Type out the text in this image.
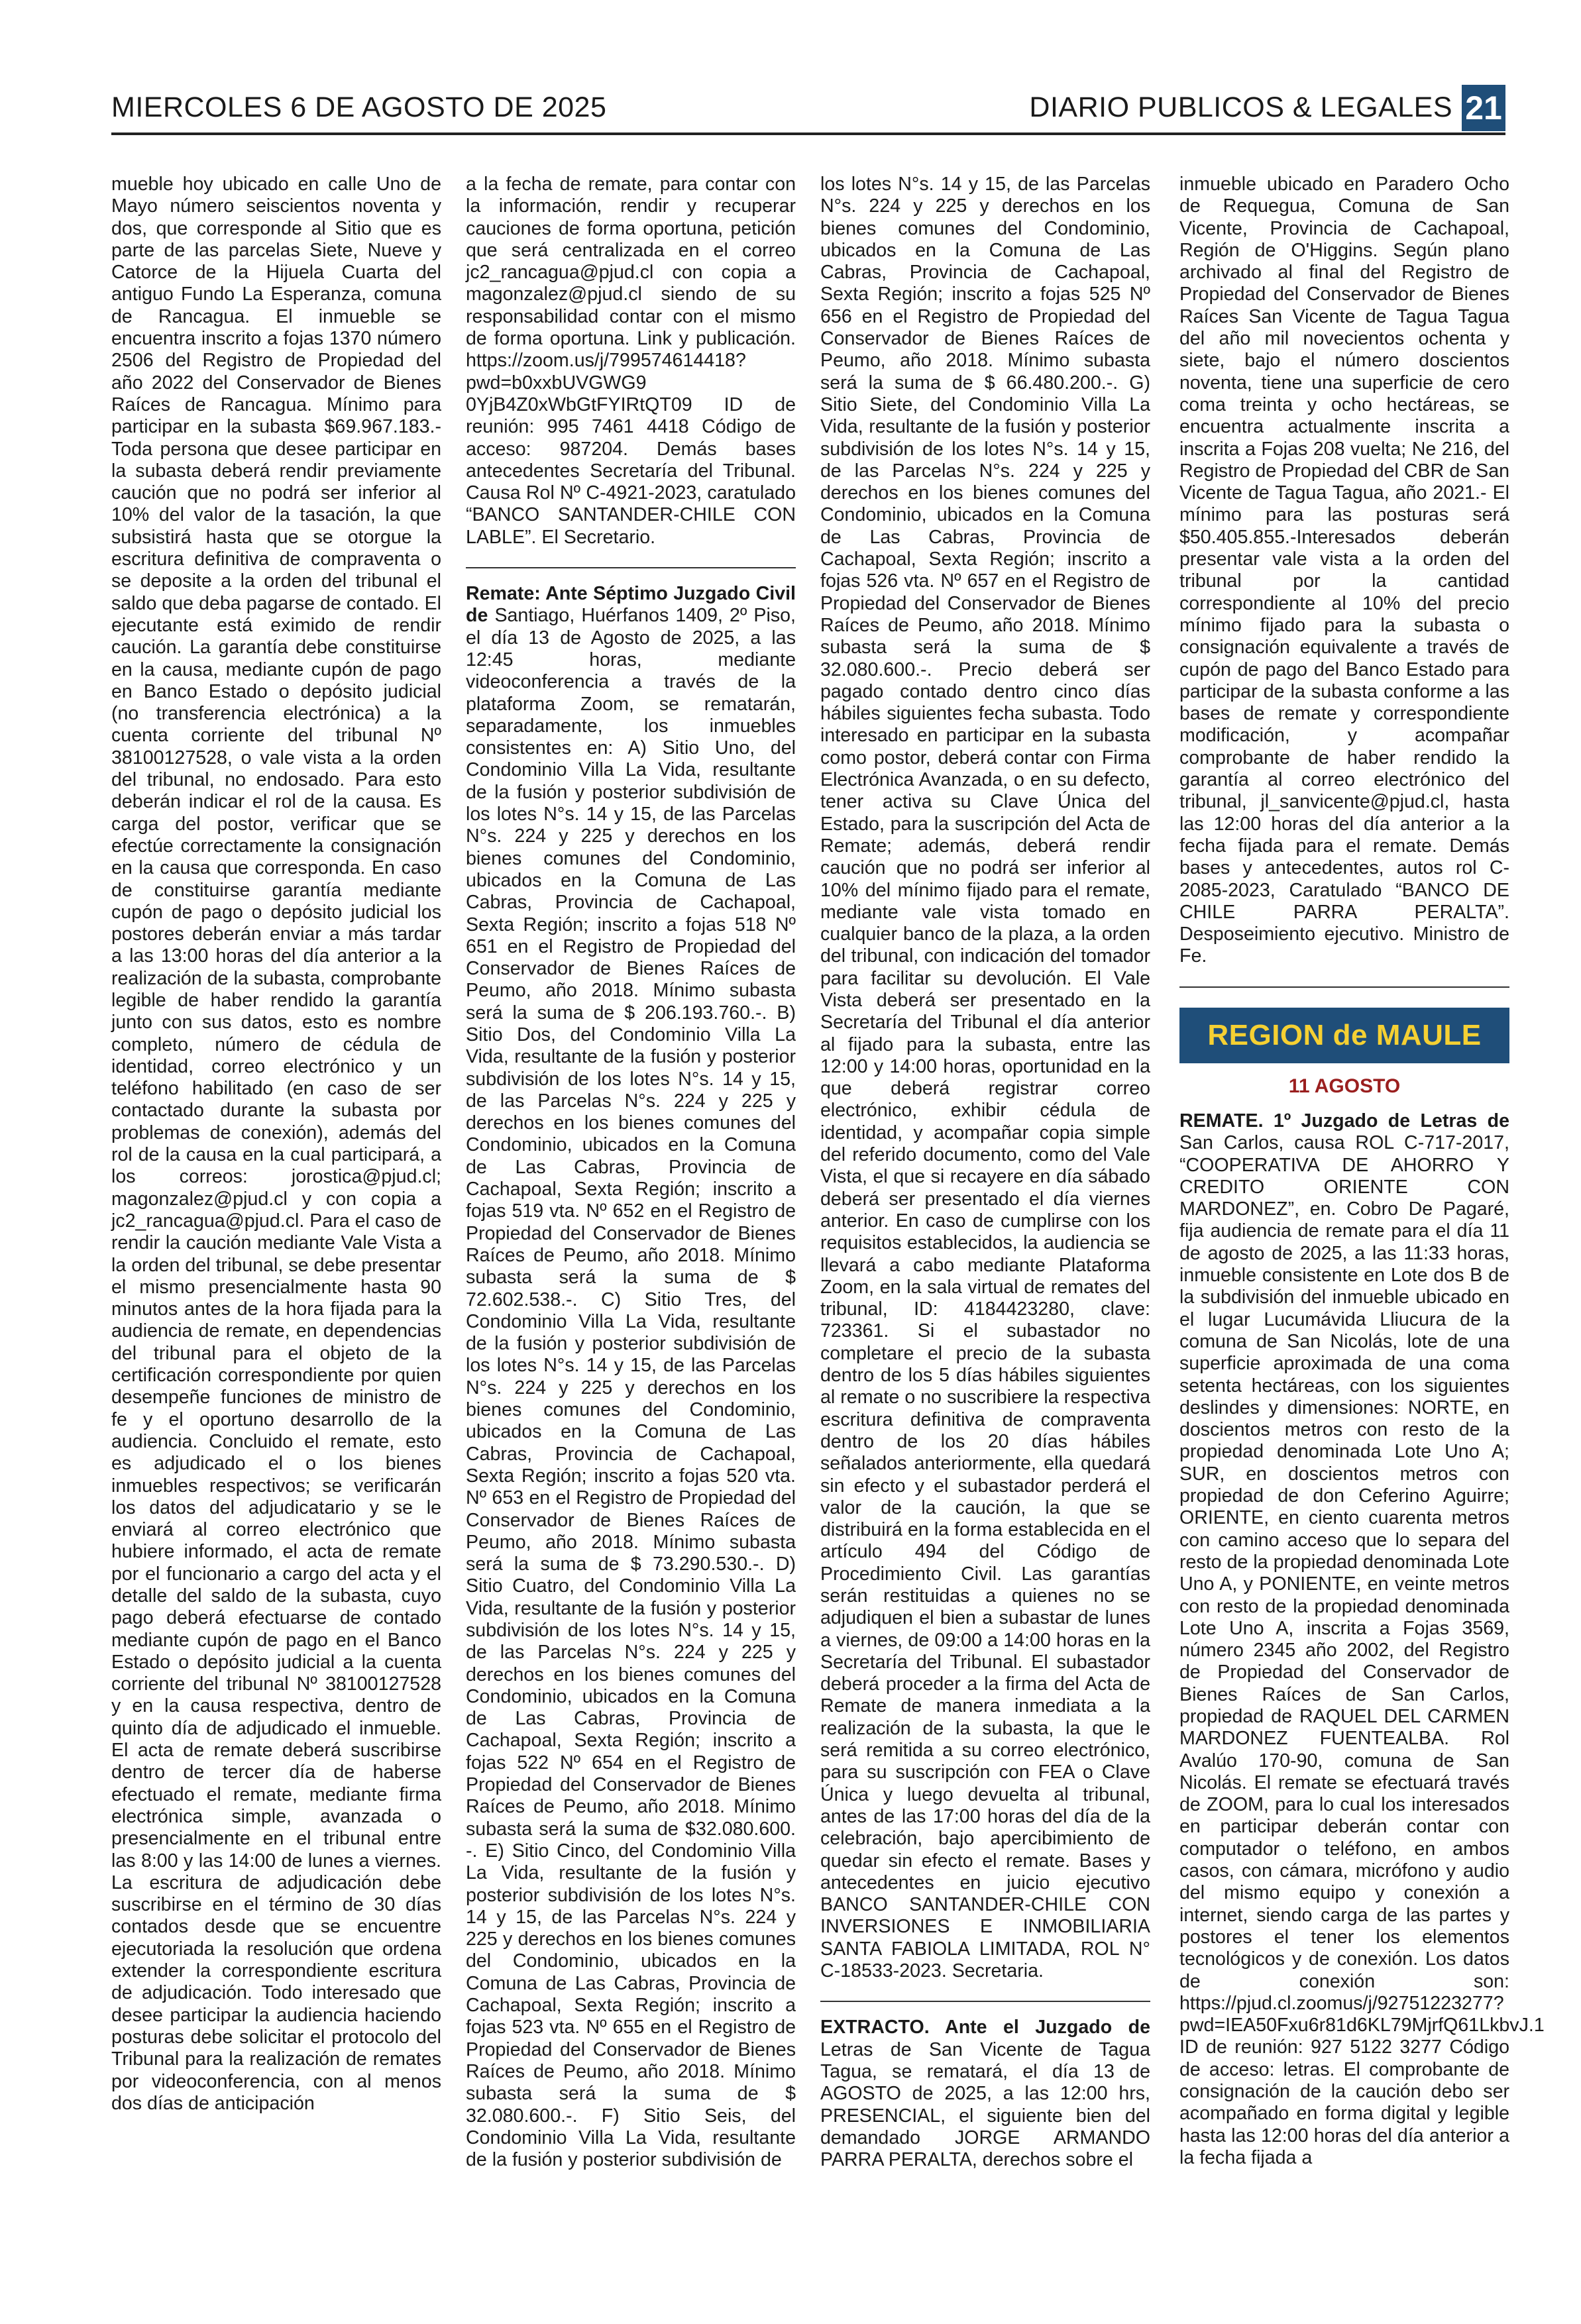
MIERCOLES 6 DE AGOSTO DE 2025	DIARIO PUBLICOS & LEGALES 21

mueble hoy ubicado en calle Uno de Mayo número seiscientos noventa y dos, que corresponde al Sitio que es parte de las parcelas Siete, Nueve y Catorce de la Hijuela Cuarta del antiguo Fundo La Esperanza, comuna de Rancagua. El inmueble se encuentra inscrito a fojas 1370 número 2506 del Registro de Propiedad del año 2022 del Conservador de Bienes Raíces de Rancagua. Mínimo para participar en la subasta $69.967.183.- Toda persona que desee participar en la subasta deberá rendir previamente caución que no podrá ser inferior al 10% del valor de la tasación, la que subsistirá hasta que se otorgue la escritura definitiva de compraventa o se deposite a la orden del tribunal el saldo que deba pagarse de contado. El ejecutante está eximido de rendir caución. La garantía debe constituirse en la causa, mediante cupón de pago en Banco Estado o depósito judicial (no transferencia electrónica) a la cuenta corriente del tribunal Nº 38100127528, o vale vista a la orden del tribunal, no endosado. Para esto deberán indicar el rol de la causa. Es carga del postor, verificar que se efectúe correctamente la consignación en la causa que corresponda. En caso de constituirse garantía mediante cupón de pago o depósito judicial los postores deberán enviar a más tardar a las 13:00 horas del día anterior a la realización de la subasta, comprobante legible de haber rendido la garantía junto con sus datos, esto es nombre completo, número de cédula de identidad, correo electrónico y un teléfono habilitado (en caso de ser contactado durante la subasta por problemas de conexión), además del rol de la causa en la cual participará, a los correos: jorostica@pjud.cl; magonzalez@pjud.cl y con copia a jc2_rancagua@pjud.cl. Para el caso de rendir la caución mediante Vale Vista a la orden del tribunal, se debe presentar el mismo presencialmente hasta 90 minutos antes de la hora fijada para la audiencia de remate, en dependencias del tribunal para el objeto de la certificación correspondiente por quien desempeñe funciones de ministro de fe y el oportuno desarrollo de la audiencia. Concluido el remate, esto es adjudicado el o los bienes inmuebles respectivos; se verificarán los datos del adjudicatario y se le enviará al correo electrónico que hubiere informado, el acta de remate por el funcionario a cargo del acta y el detalle del saldo de la subasta, cuyo pago deberá efectuarse de contado mediante cupón de pago en el Banco Estado o depósito judicial a la cuenta corriente del tribunal Nº 38100127528 y en la causa respectiva, dentro de quinto día de adjudicado el inmueble. El acta de remate deberá suscribirse dentro de tercer día de haberse efectuado el remate, mediante firma electrónica simple, avanzada o presencialmente en el tribunal entre las 8:00 y las 14:00 de lunes a viernes. La escritura de adjudicación debe suscribirse en el término de 30 días contados desde que se encuentre ejecutoriada la resolución que ordena extender la correspondiente escritura de adjudicación. Todo interesado que desee participar la audiencia haciendo posturas debe solicitar el protocolo del Tribunal para la realización de remates por videoconferencia, con al menos dos días de anticipación

a la fecha de remate, para contar con la información, rendir y recuperar cauciones de forma oportuna, petición que será centralizada en el correo jc2_rancagua@pjud.cl con copia a magonzalez@pjud.cl siendo de su responsabilidad contar con el mismo de forma oportuna. Link y publicación. https://zoom.us/j/799574614418?pwd=b0xxbUVGWG9 0YjB4Z0xWbGtFYIRtQT09 ID de reunión: 995 7461 4418 Código de acceso: 987204. Demás bases antecedentes Secretaría del Tribunal. Causa Rol Nº C-4921-2023, caratulado “BANCO SANTANDER-CHILE CON LABLE”. El Secretario.

Remate: Ante Séptimo Juzgado Civil de Santiago, Huérfanos 1409, 2º Piso, el día 13 de Agosto de 2025, a las 12:45 horas, mediante videoconferencia a través de la plataforma Zoom, se rematarán, separadamente, los inmuebles consistentes en: A) Sitio Uno, del Condominio Villa La Vida, resultante de la fusión y posterior subdivisión de los lotes N°s. 14 y 15, de las Parcelas N°s. 224 y 225 y derechos en los bienes comunes del Condominio, ubicados en la Comuna de Las Cabras, Provincia de Cachapoal, Sexta Región; inscrito a fojas 518 Nº 651 en el Registro de Propiedad del Conservador de Bienes Raíces de Peumo, año 2018. Mínimo subasta será la suma de $ 206.193.760.-. B) Sitio Dos, del Condominio Villa La Vida, resultante de la fusión y posterior subdivisión de los lotes N°s. 14 y 15, de las Parcelas N°s. 224 y 225 y derechos en los bienes comunes del Condominio, ubicados en la Comuna de Las Cabras, Provincia de Cachapoal, Sexta Región; inscrito a fojas 519 vta. Nº 652 en el Registro de Propiedad del Conservador de Bienes Raíces de Peumo, año 2018. Mínimo subasta será la suma de $ 72.602.538.-. C) Sitio Tres, del Condominio Villa La Vida, resultante de la fusión y posterior subdivisión de los lotes N°s. 14 y 15, de las Parcelas N°s. 224 y 225 y derechos en los bienes comunes del Condominio, ubicados en la Comuna de Las Cabras, Provincia de Cachapoal, Sexta Región; inscrito a fojas 520 vta. Nº 653 en el Registro de Propiedad del Conservador de Bienes Raíces de Peumo, año 2018. Mínimo subasta será la suma de $ 73.290.530.-. D) Sitio Cuatro, del Condominio Villa La Vida, resultante de la fusión y posterior subdivisión de los lotes N°s. 14 y 15, de las Parcelas N°s. 224 y 225 y derechos en los bienes comunes del Condominio, ubicados en la Comuna de Las Cabras, Provincia de Cachapoal, Sexta Región; inscrito a fojas 522 Nº 654 en el Registro de Propiedad del Conservador de Bienes Raíces de Peumo, año 2018. Mínimo subasta será la suma de $32.080.600. -. E) Sitio Cinco, del Condominio Villa La Vida, resultante de la fusión y posterior subdivisión de los lotes N°s. 14 y 15, de las Parcelas N°s. 224 y 225 y derechos en los bienes comunes del Condominio, ubicados en la Comuna de Las Cabras, Provincia de Cachapoal, Sexta Región; inscrito a fojas 523 vta. Nº 655 en el Registro de Propiedad del Conservador de Bienes Raíces de Peumo, año 2018. Mínimo subasta será la suma de $ 32.080.600.-. F) Sitio Seis, del Condominio Villa La Vida, resultante de la fusión y posterior subdivisión de

los lotes N°s. 14 y 15, de las Parcelas N°s. 224 y 225 y derechos en los bienes comunes del Condominio, ubicados en la Comuna de Las Cabras, Provincia de Cachapoal, Sexta Región; inscrito a fojas 525 Nº 656 en el Registro de Propiedad del Conservador de Bienes Raíces de Peumo, año 2018. Mínimo subasta será la suma de $ 66.480.200.-. G) Sitio Siete, del Condominio Villa La Vida, resultante de la fusión y posterior subdivisión de los lotes N°s. 14 y 15, de las Parcelas N°s. 224 y 225 y derechos en los bienes comunes del Condominio, ubicados en la Comuna de Las Cabras, Provincia de Cachapoal, Sexta Región; inscrito a fojas 526 vta. Nº 657 en el Registro de Propiedad del Conservador de Bienes Raíces de Peumo, año 2018. Mínimo subasta será la suma de $ 32.080.600.-. Precio deberá ser pagado contado dentro cinco días hábiles siguientes fecha subasta. Todo interesado en participar en la subasta como postor, deberá contar con Firma Electrónica Avanzada, o en su defecto, tener activa su Clave Única del Estado, para la suscripción del Acta de Remate; además, deberá rendir caución que no podrá ser inferior al 10% del mínimo fijado para el remate, mediante vale vista tomado en cualquier banco de la plaza, a la orden del tribunal, con indicación del tomador para facilitar su devolución. El Vale Vista deberá ser presentado en la Secretaría del Tribunal el día anterior al fijado para la subasta, entre las 12:00 y 14:00 horas, oportunidad en la que deberá registrar correo electrónico, exhibir cédula de identidad, y acompañar copia simple del referido documento, como del Vale Vista, el que si recayere en día sábado deberá ser presentado el día viernes anterior. En caso de cumplirse con los requisitos establecidos, la audiencia se llevará a cabo mediante Plataforma Zoom, en la sala virtual de remates del tribunal, ID: 4184423280, clave: 723361. Si el subastador no completare el precio de la subasta dentro de los 5 días hábiles siguientes al remate o no suscribiere la respectiva escritura definitiva de compraventa dentro de los 20 días hábiles señalados anteriormente, ella quedará sin efecto y el subastador perderá el valor de la caución, la que se distribuirá en la forma establecida en el artículo 494 del Código de Procedimiento Civil. Las garantías serán restituidas a quienes no se adjudiquen el bien a subastar de lunes a viernes, de 09:00 a 14:00 horas en la Secretaría del Tribunal. El subastador deberá proceder a la firma del Acta de Remate de manera inmediata a la realización de la subasta, la que le será remitida a su correo electrónico, para su suscripción con FEA o Clave Única y luego devuelta al tribunal, antes de las 17:00 horas del día de la celebración, bajo apercibimiento de quedar sin efecto el remate. Bases y antecedentes en juicio ejecutivo BANCO SANTANDER-CHILE CON INVERSIONES E INMOBILIARIA SANTA FABIOLA LIMITADA, ROL N° C-18533-2023. Secretaria.

EXTRACTO. Ante el Juzgado de Letras de San Vicente de Tagua Tagua, se rematará, el día 13 de AGOSTO de 2025, a las 12:00 hrs, PRESENCIAL, el siguiente bien del demandado JORGE ARMANDO PARRA PERALTA, derechos sobre el

inmueble ubicado en Paradero Ocho de Requegua, Comuna de San Vicente, Provincia de Cachapoal, Región de O'Higgins. Según plano archivado al final del Registro de Propiedad del Conservador de Bienes Raíces San Vicente de Tagua Tagua del año mil novecientos ochenta y siete, bajo el número doscientos noventa, tiene una superficie de cero coma treinta y ocho hectáreas, se encuentra actualmente inscrita a inscrita a Fojas 208 vuelta; Ne 216, del Registro de Propiedad del CBR de San Vicente de Tagua Tagua, año 2021.- El mínimo para las posturas será $50.405.855.-Interesados deberán presentar vale vista a la orden del tribunal por la cantidad correspondiente al 10% del precio mínimo fijado para la subasta o consignación equivalente a través de cupón de pago del Banco Estado para participar de la subasta conforme a las bases de remate y correspondiente modificación, y acompañar comprobante de haber rendido la garantía al correo electrónico del tribunal, jl_sanvicente@pjud.cl, hasta las 12:00 horas del día anterior a la fecha fijada para el remate. Demás bases y antecedentes, autos rol C-2085-2023, Caratulado “BANCO DE CHILE PARRA PERALTA”. Desposeimiento ejecutivo. Ministro de Fe.

REGION de MAULE
11 AGOSTO

REMATE. 1º Juzgado de Letras de San Carlos, causa ROL C-717-2017, “COOPERATIVA DE AHORRO Y CREDITO ORIENTE CON MARDONEZ”, en. Cobro De Pagaré, fija audiencia de remate para el día 11 de agosto de 2025, a las 11:33 horas, inmueble consistente en Lote dos B de la subdivisión del inmueble ubicado en el lugar Lucumávida Lliucura de la comuna de San Nicolás, lote de una superficie aproximada de una coma setenta hectáreas, con los siguientes deslindes y dimensiones: NORTE, en doscientos metros con resto de la propiedad denominada Lote Uno A; SUR, en doscientos metros con propiedad de don Ceferino Aguirre; ORIENTE, en ciento cuarenta metros con camino acceso que lo separa del resto de la propiedad denominada Lote Uno A, y PONIENTE, en veinte metros con resto de la propiedad denominada Lote Uno A, inscrita a Fojas 3569, número 2345 año 2002, del Registro de Propiedad del Conservador de Bienes Raíces de San Carlos, propiedad de RAQUEL DEL CARMEN MARDONEZ FUENTEALBA. Rol Avalúo 170-90, comuna de San Nicolás. El remate se efectuará través de ZOOM, para lo cual los interesados en participar deberán contar con computador o teléfono, en ambos casos, con cámara, micrófono y audio del mismo equipo y conexión a internet, siendo carga de las partes y postores el tener los elementos tecnológicos y de conexión. Los datos de conexión son: https://pjud.cl.zoomus/j/92751223277?pwd=IEA50Fxu6r81d6KL79MjrfQ61LkbvJ.1 ID de reunión: 927 5122 3277 Código de acceso: letras. El comprobante de consignación de la caución debo ser acompañado en forma digital y legible hasta las 12:00 horas del día anterior a la fecha fijada a
